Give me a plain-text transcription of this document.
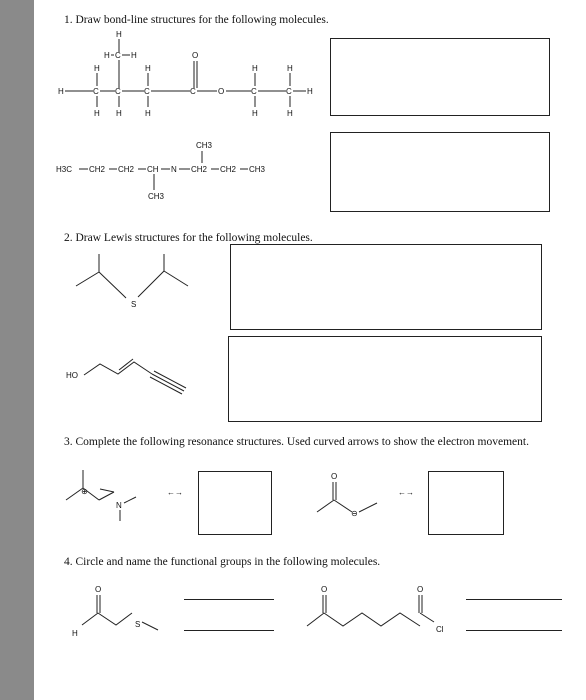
1. Draw bond-line structures for the following molecules.
2. Draw Lewis structures for the following molecules.
3. Complete the following resonance structures. Used curved arrows to show the electron movement.
4. Circle and name the functional groups in the following molecules.
H
H C H	O
H	H	H	H
H	C C	C	C	O	C	C H
H H	H	H	H
CH3
H3C CH2 CH2 CH N CH2 CH2 CH3
CH3
S
HO
⊕
N
←→
O
⊖
←→
O
H
S
O	O
Cl
